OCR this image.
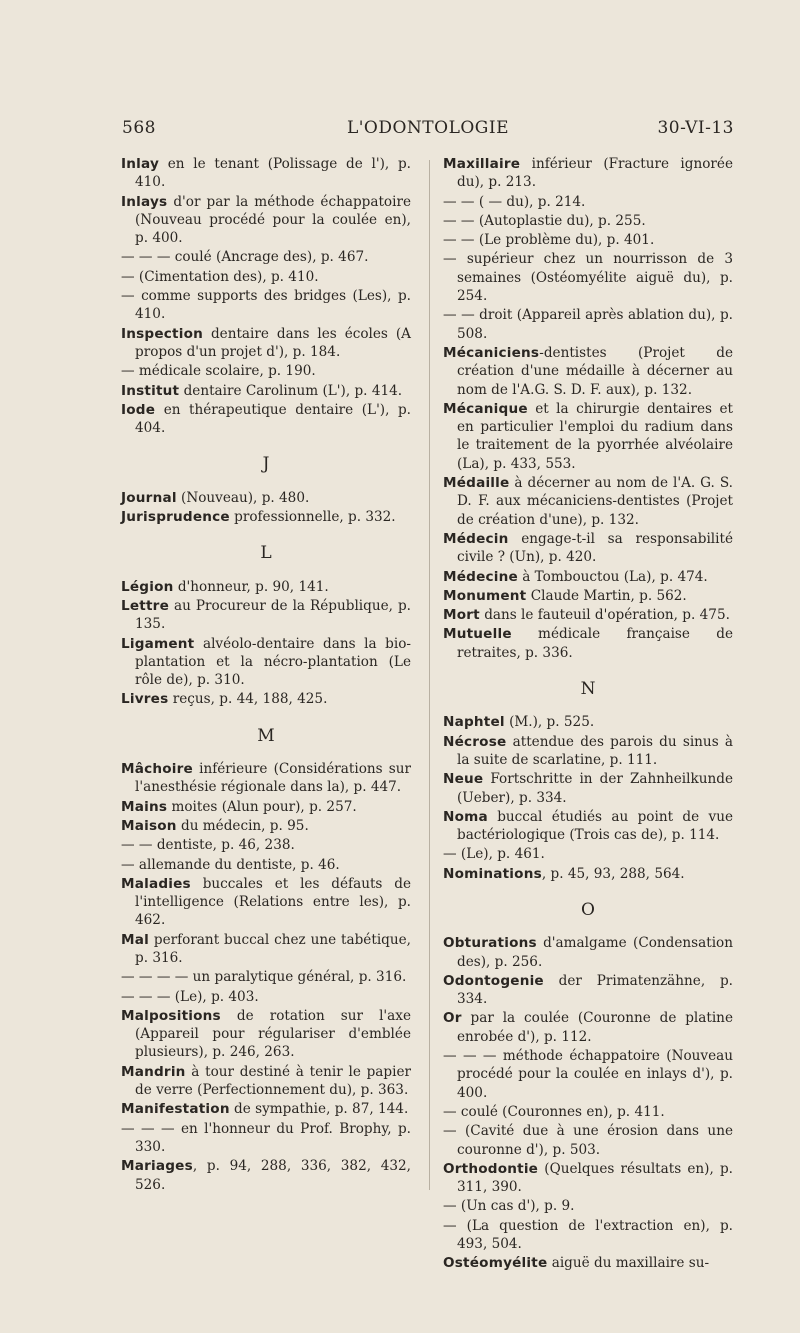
568	L'ODONTOLOGIE	30-VI-13
Inlay en le tenant (Polissage de l'), p. 410.
Inlays d'or par la méthode échappatoire (Nouveau procédé pour la coulée en), p. 400.
— — — coulé (Ancrage des), p. 467.
— (Cimentation des), p. 410.
— comme supports des bridges (Les), p. 410.
Inspection dentaire dans les écoles (A propos d'un projet d'), p. 184.
— médicale scolaire, p. 190.
Institut dentaire Carolinum (L'), p. 414.
Iode en thérapeutique dentaire (L'), p. 404.
J
Journal (Nouveau), p. 480.
Jurisprudence professionnelle, p. 332.
L
Légion d'honneur, p. 90, 141.
Lettre au Procureur de la République, p. 135.
Ligament alvéolo-dentaire dans la bio-plantation et la nécro-plantation (Le rôle de), p. 310.
Livres reçus, p. 44, 188, 425.
M
Mâchoire inférieure (Considérations sur l'anesthésie régionale dans la), p. 447.
Mains moites (Alun pour), p. 257.
Maison du médecin, p. 95.
— — dentiste, p. 46, 238.
— allemande du dentiste, p. 46.
Maladies buccales et les défauts de l'intelligence (Relations entre les), p. 462.
Mal perforant buccal chez une tabétique, p. 316.
— — — — un paralytique général, p. 316.
— — — (Le), p. 403.
Malpositions de rotation sur l'axe (Appareil pour régulariser d'emblée plusieurs), p. 246, 263.
Mandrin à tour destiné à tenir le papier de verre (Perfectionnement du), p. 363.
Manifestation de sympathie, p. 87, 144.
— — — en l'honneur du Prof. Brophy, p. 330.
Mariages, p. 94, 288, 336, 382, 432, 526.
Maxillaire inférieur (Fracture ignorée du), p. 213.
— — ( — du), p. 214.
— — (Autoplastie du), p. 255.
— — (Le problème du), p. 401.
— supérieur chez un nourrisson de 3 semaines (Ostéomyélite aiguë du), p. 254.
— — droit (Appareil après ablation du), p. 508.
Mécaniciens-dentistes (Projet de création d'une médaille à décerner au nom de l'A.G. S. D. F. aux), p. 132.
Mécanique et la chirurgie dentaires et en particulier l'emploi du radium dans le traitement de la pyorrhée alvéolaire (La), p. 433, 553.
Médaille à décerner au nom de l'A. G. S. D. F. aux mécaniciens-dentistes (Projet de création d'une), p. 132.
Médecin engage-t-il sa responsabilité civile ? (Un), p. 420.
Médecine à Tombouctou (La), p. 474.
Monument Claude Martin, p. 562.
Mort dans le fauteuil d'opération, p. 475.
Mutuelle médicale française de retraites, p. 336.
N
Naphtel (M.), p. 525.
Nécrose attendue des parois du sinus à la suite de scarlatine, p. 111.
Neue Fortschritte in der Zahnheilkunde (Ueber), p. 334.
Noma buccal étudiés au point de vue bactériologique (Trois cas de), p. 114.
— (Le), p. 461.
Nominations, p. 45, 93, 288, 564.
O
Obturations d'amalgame (Condensation des), p. 256.
Odontogenie der Primatenzähne, p. 334.
Or par la coulée (Couronne de platine enrobée d'), p. 112.
— — — méthode échappatoire (Nouveau procédé pour la coulée en inlays d'), p. 400.
— coulé (Couronnes en), p. 411.
— (Cavité due à une érosion dans une couronne d'), p. 503.
Orthodontie (Quelques résultats en), p. 311, 390.
— (Un cas d'), p. 9.
— (La question de l'extraction en), p. 493, 504.
Ostéomyélite aiguë du maxillaire su-
